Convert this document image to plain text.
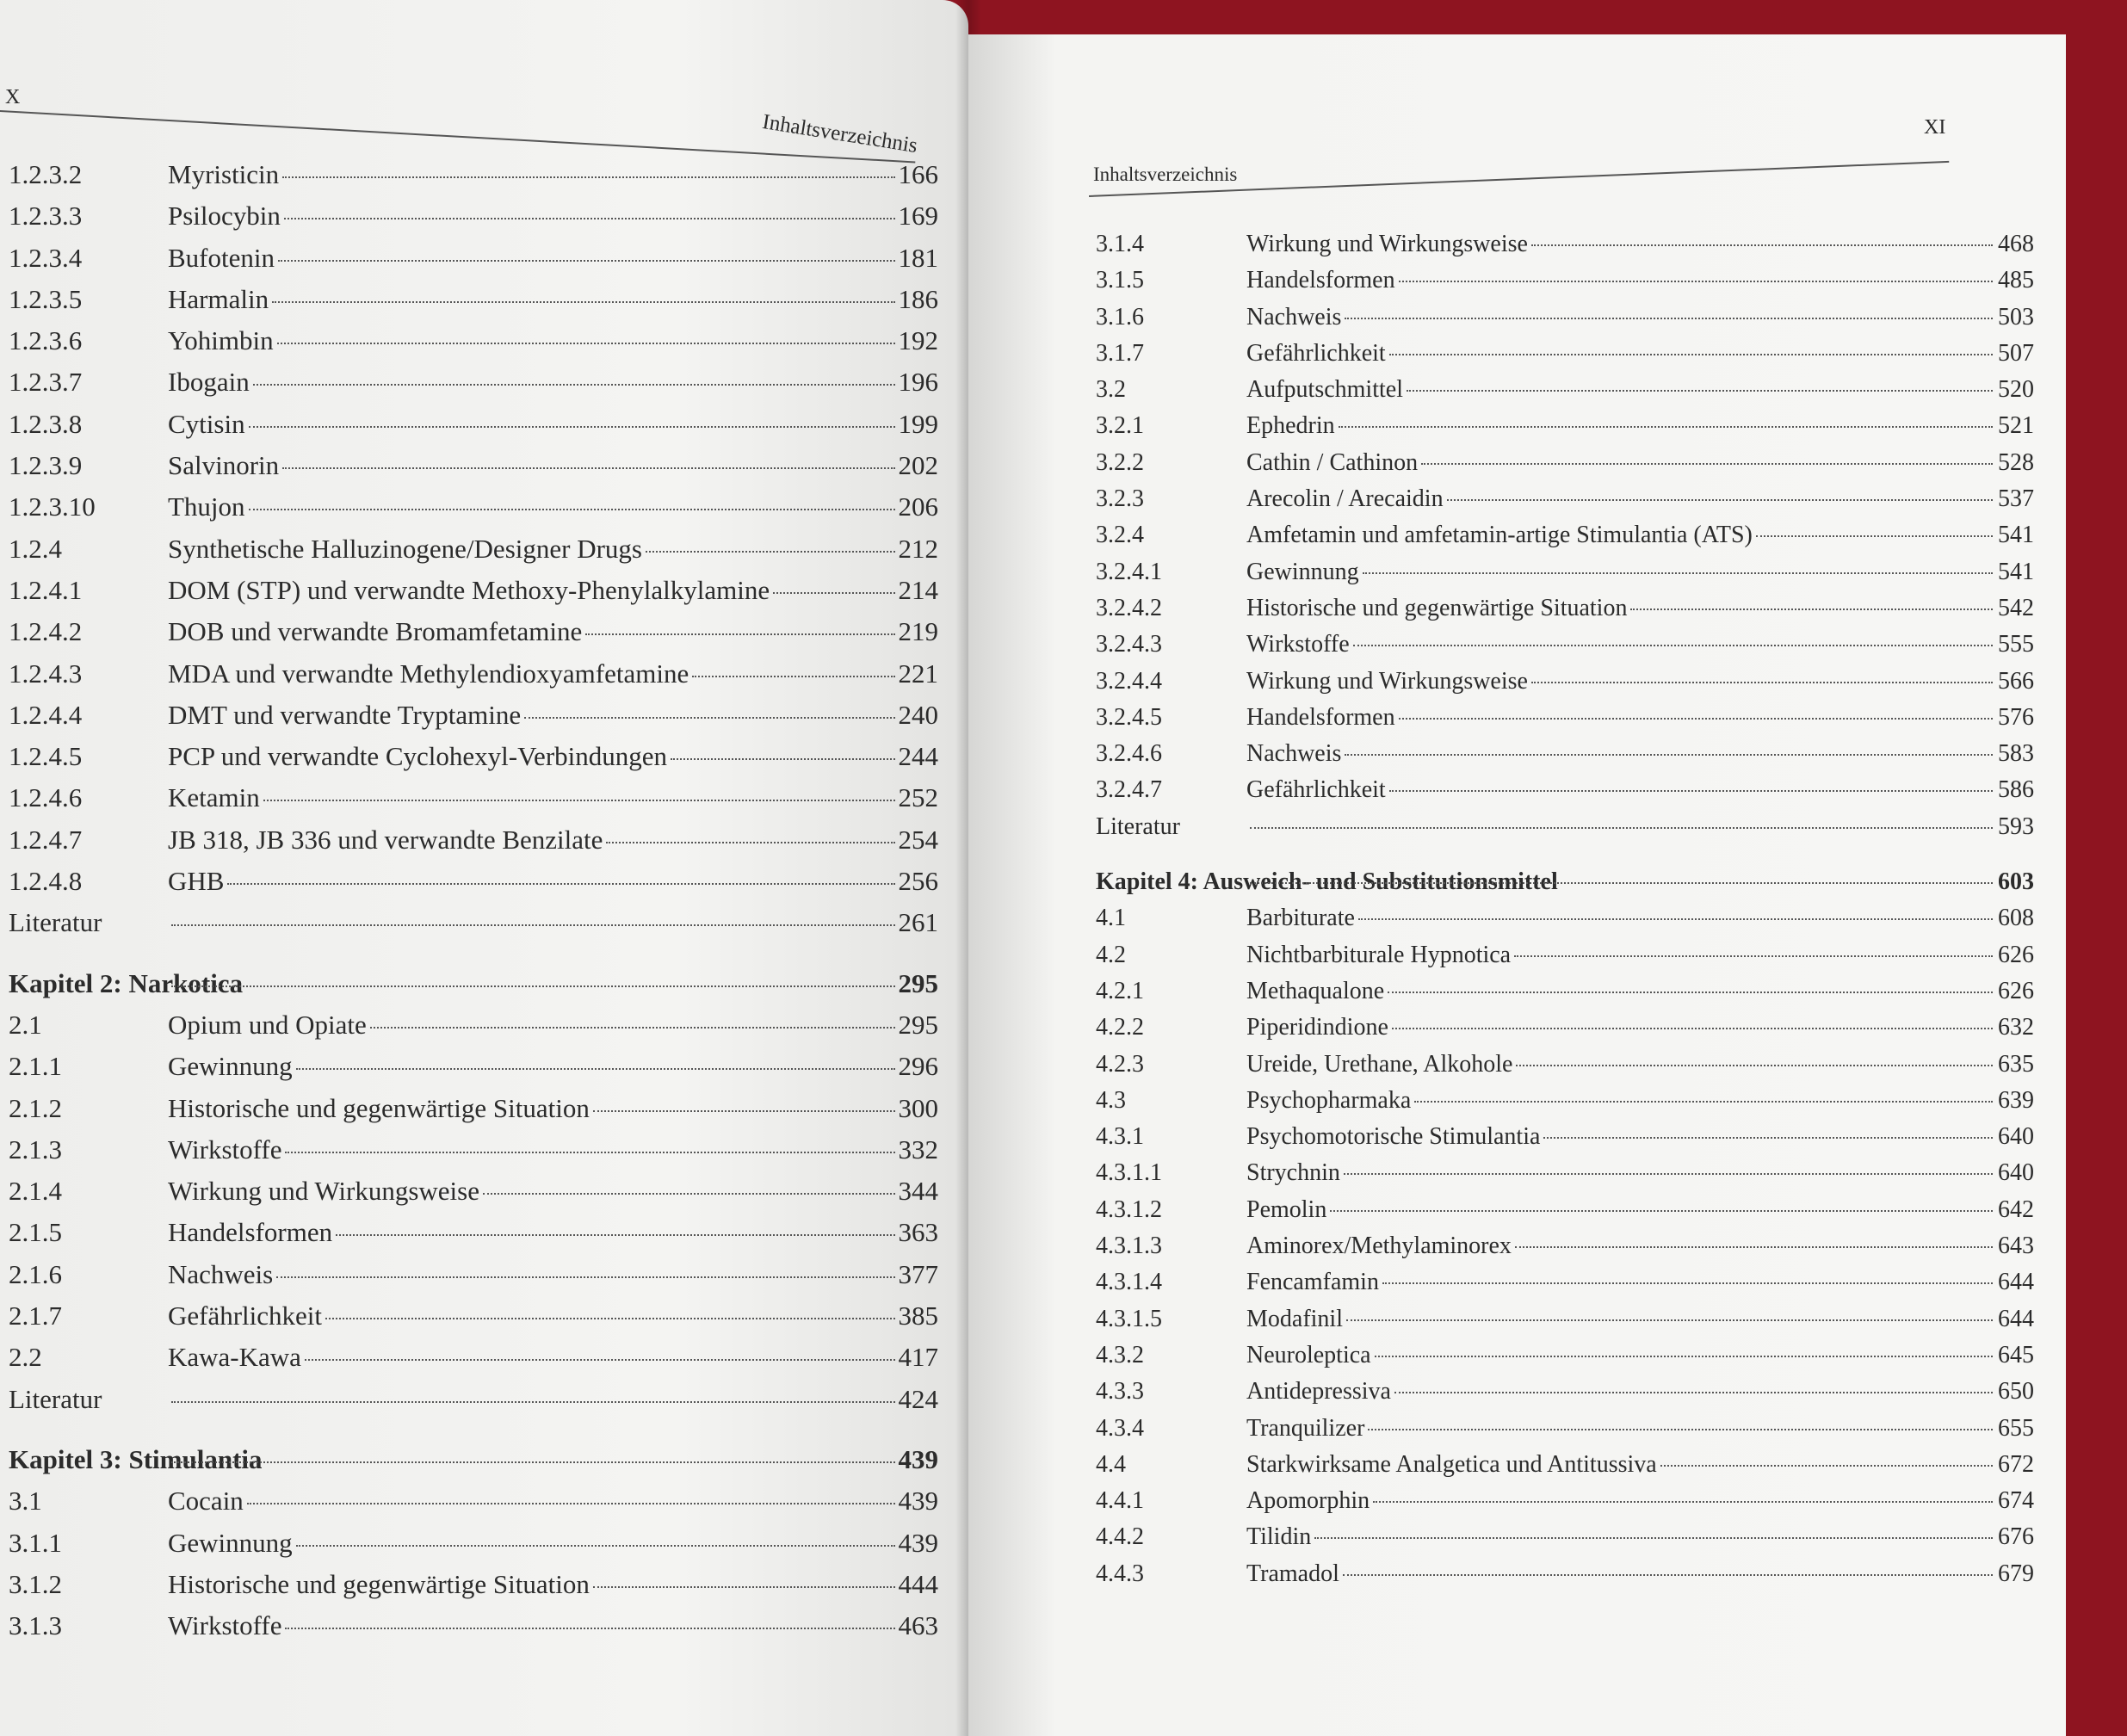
X
Inhaltsverzeichnis
1.2.3.2	Myristicin	166
1.2.3.3	Psilocybin	169
1.2.3.4	Bufotenin	181
1.2.3.5	Harmalin	186
1.2.3.6	Yohimbin	192
1.2.3.7	Ibogain	196
1.2.3.8	Cytisin	199
1.2.3.9	Salvinorin	202
1.2.3.10	Thujon	206
1.2.4	Synthetische Halluzinogene/Designer Drugs	212
1.2.4.1	DOM (STP) und verwandte Methoxy-Phenylalkylamine	214
1.2.4.2	DOB und verwandte Bromamfetamine	219
1.2.4.3	MDA und verwandte Methylendioxyamfetamine	221
1.2.4.4	DMT und verwandte Tryptamine	240
1.2.4.5	PCP und verwandte Cyclohexyl-Verbindungen	244
1.2.4.6	Ketamin	252
1.2.4.7	JB 318, JB 336 und verwandte Benzilate	254
1.2.4.8	GHB	256
Literatur	261
Kapitel 2: Narkotica	295
2.1	Opium und Opiate	295
2.1.1	Gewinnung	296
2.1.2	Historische und gegenwärtige Situation	300
2.1.3	Wirkstoffe	332
2.1.4	Wirkung und Wirkungsweise	344
2.1.5	Handelsformen	363
2.1.6	Nachweis	377
2.1.7	Gefährlichkeit	385
2.2	Kawa-Kawa	417
Literatur	424
Kapitel 3: Stimulantia	439
3.1	Cocain	439
3.1.1	Gewinnung	439
3.1.2	Historische und gegenwärtige Situation	444
3.1.3	Wirkstoffe	463
XI
Inhaltsverzeichnis
3.1.4	Wirkung und Wirkungsweise	468
3.1.5	Handelsformen	485
3.1.6	Nachweis	503
3.1.7	Gefährlichkeit	507
3.2	Aufputschmittel	520
3.2.1	Ephedrin	521
3.2.2	Cathin / Cathinon	528
3.2.3	Arecolin / Arecaidin	537
3.2.4	Amfetamin und amfetamin-artige Stimulantia (ATS)	541
3.2.4.1	Gewinnung	541
3.2.4.2	Historische und gegenwärtige Situation	542
3.2.4.3	Wirkstoffe	555
3.2.4.4	Wirkung und Wirkungsweise	566
3.2.4.5	Handelsformen	576
3.2.4.6	Nachweis	583
3.2.4.7	Gefährlichkeit	586
Literatur	593
Kapitel 4: Ausweich- und Substitutionsmittel	603
4.1	Barbiturate	608
4.2	Nichtbarbiturale Hypnotica	626
4.2.1	Methaqualone	626
4.2.2	Piperidindione	632
4.2.3	Ureide, Urethane, Alkohole	635
4.3	Psychopharmaka	639
4.3.1	Psychomotorische Stimulantia	640
4.3.1.1	Strychnin	640
4.3.1.2	Pemolin	642
4.3.1.3	Aminorex/Methylaminorex	643
4.3.1.4	Fencamfamin	644
4.3.1.5	Modafinil	644
4.3.2	Neuroleptica	645
4.3.3	Antidepressiva	650
4.3.4	Tranquilizer	655
4.4	Starkwirksame Analgetica und Antitussiva	672
4.4.1	Apomorphin	674
4.4.2	Tilidin	676
4.4.3	Tramadol	679
